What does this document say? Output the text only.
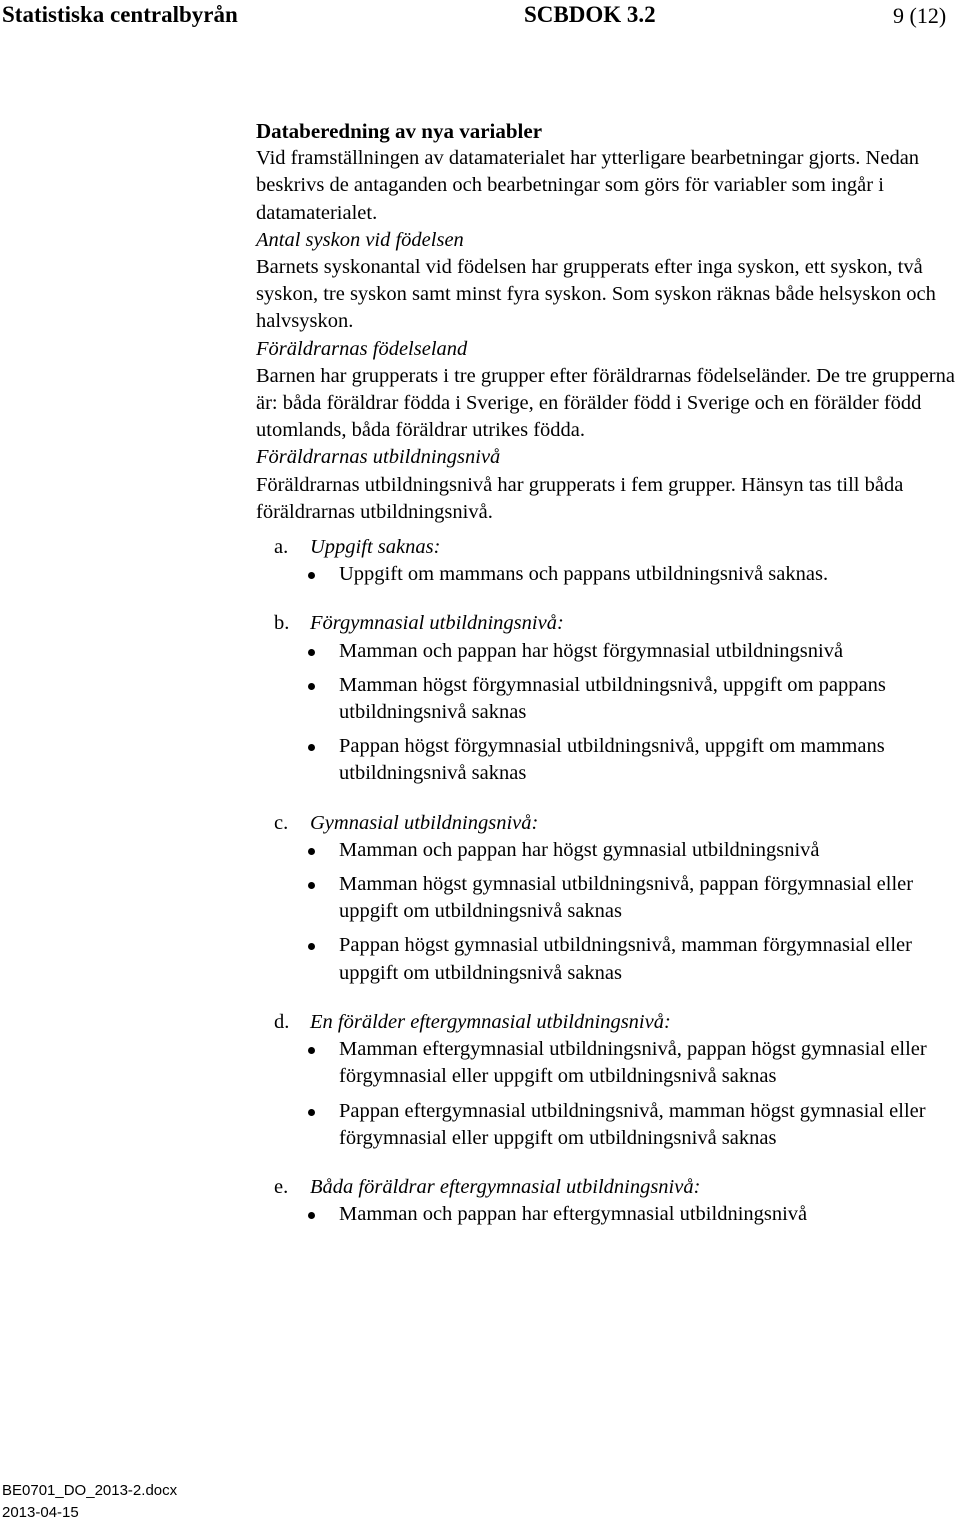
Statistiska centralbyrån	SCBDOK 3.2	9 (12)

Databeredning av nya variabler

Vid framställningen av datamaterialet har ytterligare bearbetningar gjorts. Nedan beskrivs de antaganden och bearbetningar som görs för variabler som ingår i datamaterialet.

Antal syskon vid födelsen

Barnets syskonantal vid födelsen har grupperats efter inga syskon, ett syskon, två syskon, tre syskon samt minst fyra syskon. Som syskon räknas både helsyskon och halvsyskon.

Föräldrarnas födelseland

Barnen har grupperats i tre grupper efter föräldrarnas födelseländer. De tre grupperna är: båda föräldrar födda i Sverige, en förälder född i Sverige och en förälder född utomlands, båda föräldrar utrikes födda.

Föräldrarnas utbildningsnivå

Föräldrarnas utbildningsnivå har grupperats i fem grupper. Hänsyn tas till båda föräldrarnas utbildningsnivå.

a. Uppgift saknas:
Uppgift om mammans och pappans utbildningsnivå saknas.
b. Förgymnasial utbildningsnivå:
Mamman och pappan har högst förgymnasial utbildningsnivå
Mamman högst förgymnasial utbildningsnivå, uppgift om pappans utbildningsnivå saknas
Pappan högst förgymnasial utbildningsnivå, uppgift om mammans utbildningsnivå saknas
c. Gymnasial utbildningsnivå:
Mamman och pappan har högst gymnasial utbildningsnivå
Mamman högst gymnasial utbildningsnivå, pappan förgymnasial eller uppgift om utbildningsnivå saknas
Pappan högst gymnasial utbildningsnivå, mamman förgymnasial eller uppgift om utbildningsnivå saknas
d. En förälder eftergymnasial utbildningsnivå:
Mamman eftergymnasial utbildningsnivå, pappan högst gymnasial eller förgymnasial eller uppgift om utbildningsnivå saknas
Pappan eftergymnasial utbildningsnivå, mamman högst gymnasial eller förgymnasial eller uppgift om utbildningsnivå saknas
e. Båda föräldrar eftergymnasial utbildningsnivå:
Mamman och pappan har eftergymnasial utbildningsnivå
BE0701_DO_2013-2.docx
2013-04-15
